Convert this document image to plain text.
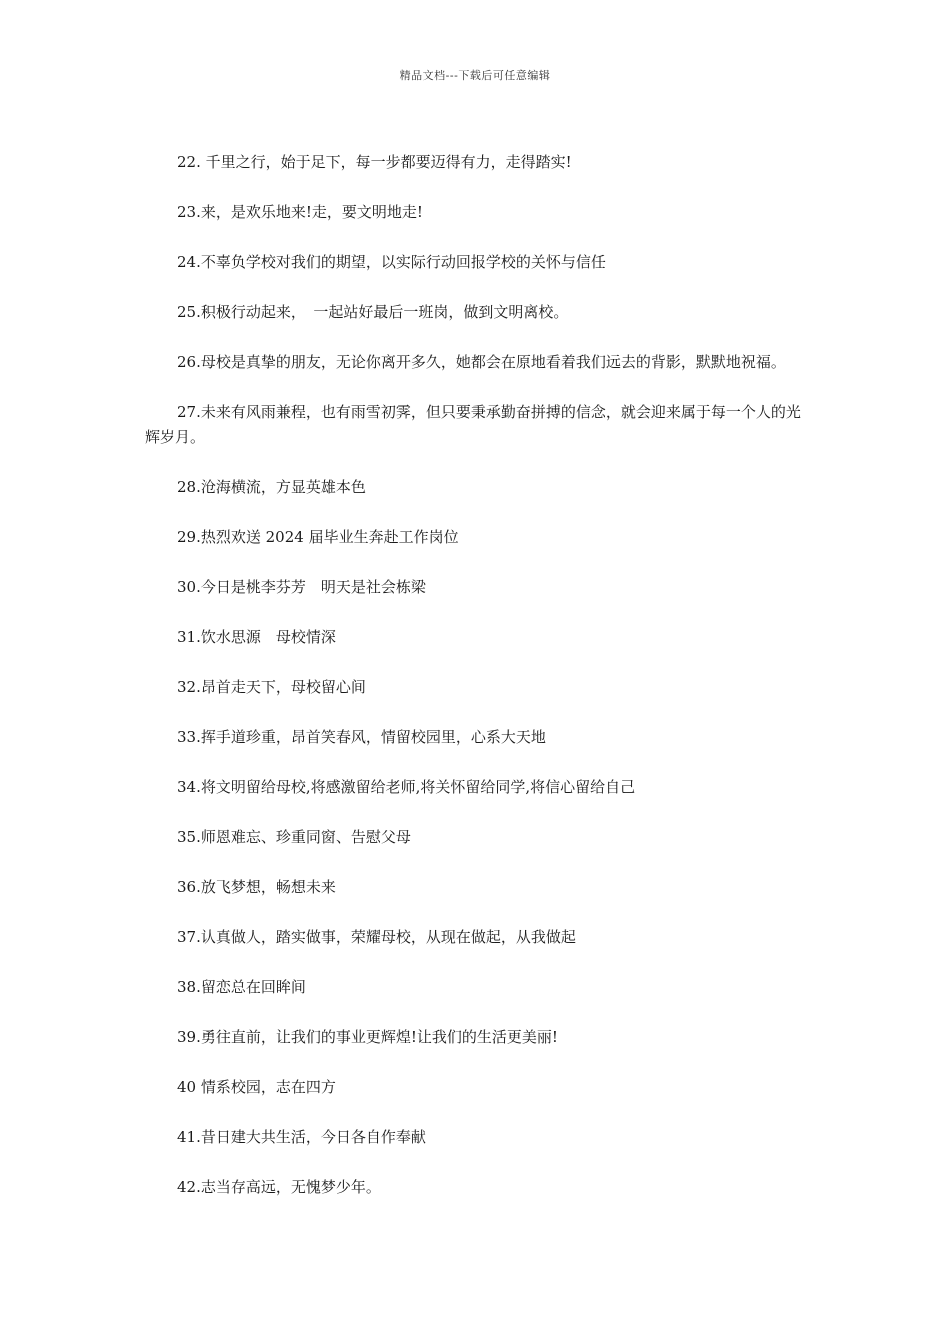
精品文档---下载后可任意编辑

22. 千里之行，始于足下，每一步都要迈得有力，走得踏实!

23.来，是欢乐地来!走，要文明地走!

24.不辜负学校对我们的期望，以实际行动回报学校的关怀与信任

25.积极行动起来，　一起站好最后一班岗，做到文明离校。

26.母校是真挚的朋友，无论你离开多久，她都会在原地看着我们远去的背影，默默地祝福。

27.未来有风雨兼程，也有雨雪初霁，但只要秉承勤奋拼搏的信念，就会迎来属于每一个人的光辉岁月。

28.沧海横流，方显英雄本色

29.热烈欢送 2024 届毕业生奔赴工作岗位

30.今日是桃李芬芳　明天是社会栋梁

31.饮水思源　母校情深

32.昂首走天下，母校留心间

33.挥手道珍重，昂首笑春风，情留校园里，心系大天地

34.将文明留给母校,将感激留给老师,将关怀留给同学,将信心留给自己

35.师恩难忘、珍重同窗、告慰父母

36.放飞梦想，畅想未来

37.认真做人，踏实做事，荣耀母校，从现在做起，从我做起

38.留恋总在回眸间

39.勇往直前，让我们的事业更辉煌!让我们的生活更美丽!

40 情系校园，志在四方

41.昔日建大共生活，今日各自作奉献

42.志当存高远，无愧梦少年。
